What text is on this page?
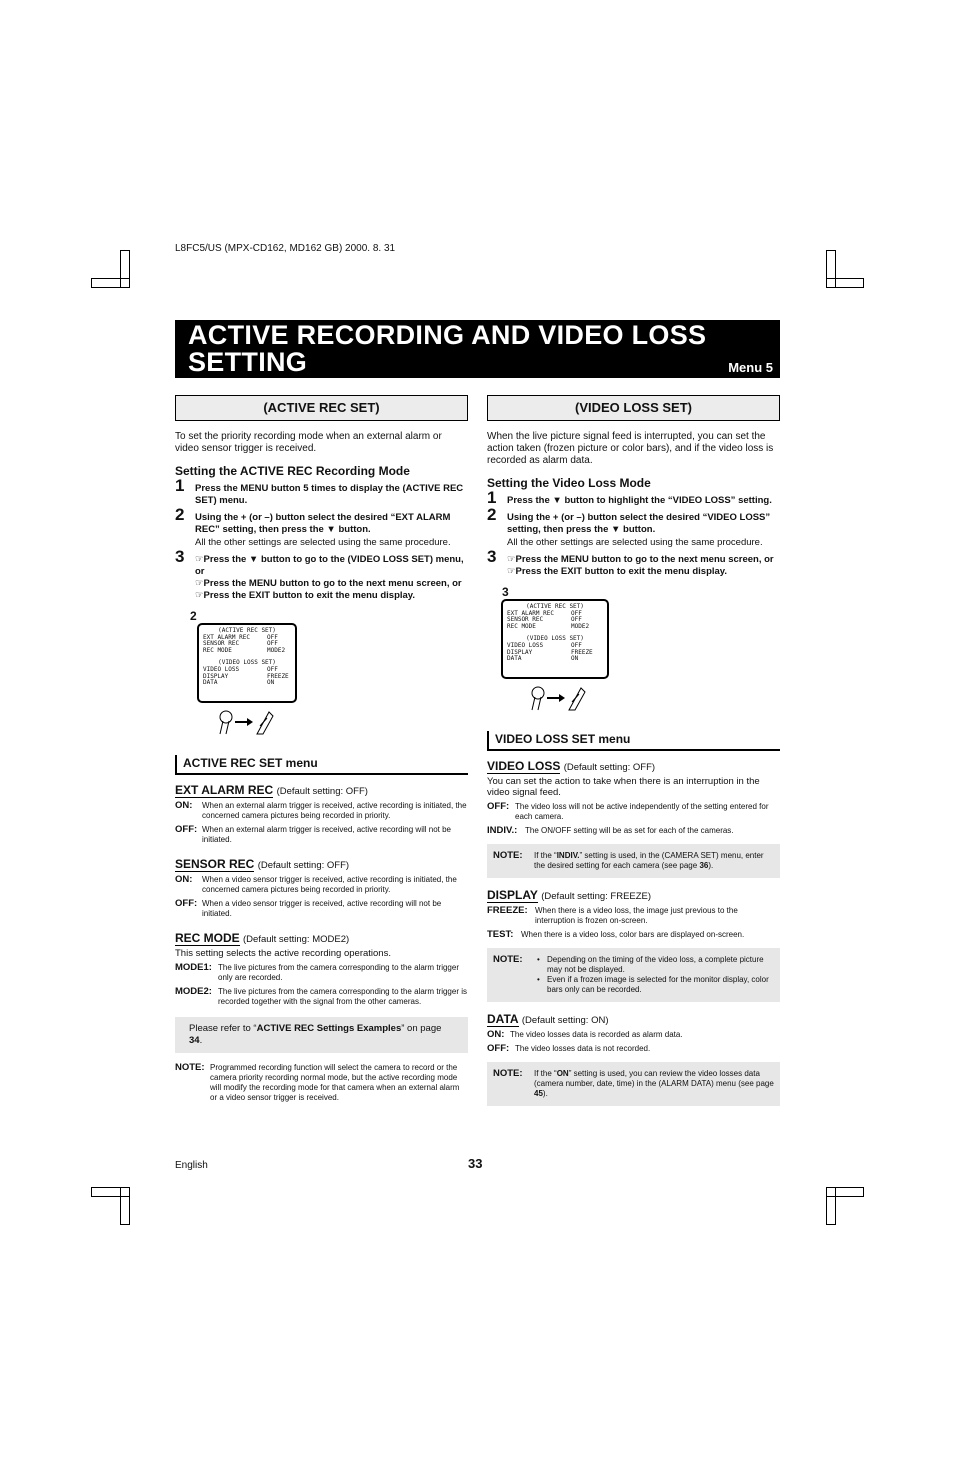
L8FC5/US (MPX-CD162, MD162 GB) 2000. 8. 31
ACTIVE RECORDING AND VIDEO LOSS
SETTING	Menu 5
(ACTIVE REC SET)
To set the priority recording mode when an external alarm or video sensor trigger is received.
Setting the ACTIVE REC Recording Mode
1 Press the MENU button 5 times to display the (ACTIVE REC SET) menu.
2 Using the + (or –) button select the desired “EXT ALARM REC” setting, then press the ▼ button.
All the other settings are selected using the same procedure.
3 ☞Press the ▼ button to go to the (VIDEO LOSS SET) menu, or
☞Press the MENU button to go to the next menu screen, or
☞Press the EXIT button to exit the menu display.
2
(ACTIVE REC SET)
EXT ALARM REC	OFF
SENSOR REC	OFF
REC MODE	MODE2
(VIDEO LOSS SET)
VIDEO LOSS	OFF
DISPLAY	FREEZE
DATA	ON
ACTIVE REC SET menu
EXT ALARM REC (Default setting: OFF)
ON: When an external alarm trigger is received, active recording is initiated, the concerned camera pictures being recorded in priority.
OFF: When an external alarm trigger is received, active recording will not be initiated.
SENSOR REC (Default setting: OFF)
ON: When a video sensor trigger is received, active recording is initiated, the concerned camera pictures being recorded in priority.
OFF: When a video sensor trigger is received, active recording will not be initiated.
REC MODE (Default setting: MODE2)
This setting selects the active recording operations.
MODE1: The live pictures from the camera corresponding to the alarm trigger only are recorded.
MODE2: The live pictures from the camera corresponding to the alarm trigger is recorded together with the signal from the other cameras.
Please refer to “ACTIVE REC Settings Examples” on page 34.
NOTE: Programmed recording function will select the camera to record or the camera priority recording normal mode, but the active recording mode will modify the recording mode for that camera when an external alarm or a video sensor trigger is received.
(VIDEO LOSS SET)
When the live picture signal feed is interrupted, you can set the action taken (frozen picture or color bars), and if the video loss is recorded as alarm data.
Setting the Video Loss Mode
1 Press the ▼ button to highlight the “VIDEO LOSS” setting.
2 Using the + (or –) button select the desired “VIDEO LOSS” setting, then press the ▼ button.
All the other settings are selected using the same procedure.
3 ☞Press the MENU button to go to the next menu screen, or
☞Press the EXIT button to exit the menu display.
3
(ACTIVE REC SET)
EXT ALARM REC	OFF
SENSOR REC	OFF
REC MODE	MODE2
(VIDEO LOSS SET)
VIDEO LOSS	OFF
DISPLAY	FREEZE
DATA	ON
VIDEO LOSS SET menu
VIDEO LOSS (Default setting: OFF)
You can set the action to take when there is an interruption in the video signal feed.
OFF: The video loss will not be active independently of the setting entered for each camera.
INDIV.: The ON/OFF setting will be as set for each of the cameras.
NOTE: If the “INDIV.” setting is used, in the (CAMERA SET) menu, enter the desired setting for each camera (see page 36).
DISPLAY (Default setting: FREEZE)
FREEZE: When there is a video loss, the image just previous to the interruption is frozen on-screen.
TEST: When there is a video loss, color bars are displayed on-screen.
NOTE:
•	Depending on the timing of the video loss, a complete picture may not be displayed.
• Even if a frozen image is selected for the monitor display, color bars only can be recorded.
DATA (Default setting: ON)
ON: The video losses data is recorded as alarm data.
OFF: The video losses data is not recorded.
NOTE: If the “ON” setting is used, you can review the video losses data (camera number, date, time) in the (ALARM DATA) menu (see page 45).
English	33
